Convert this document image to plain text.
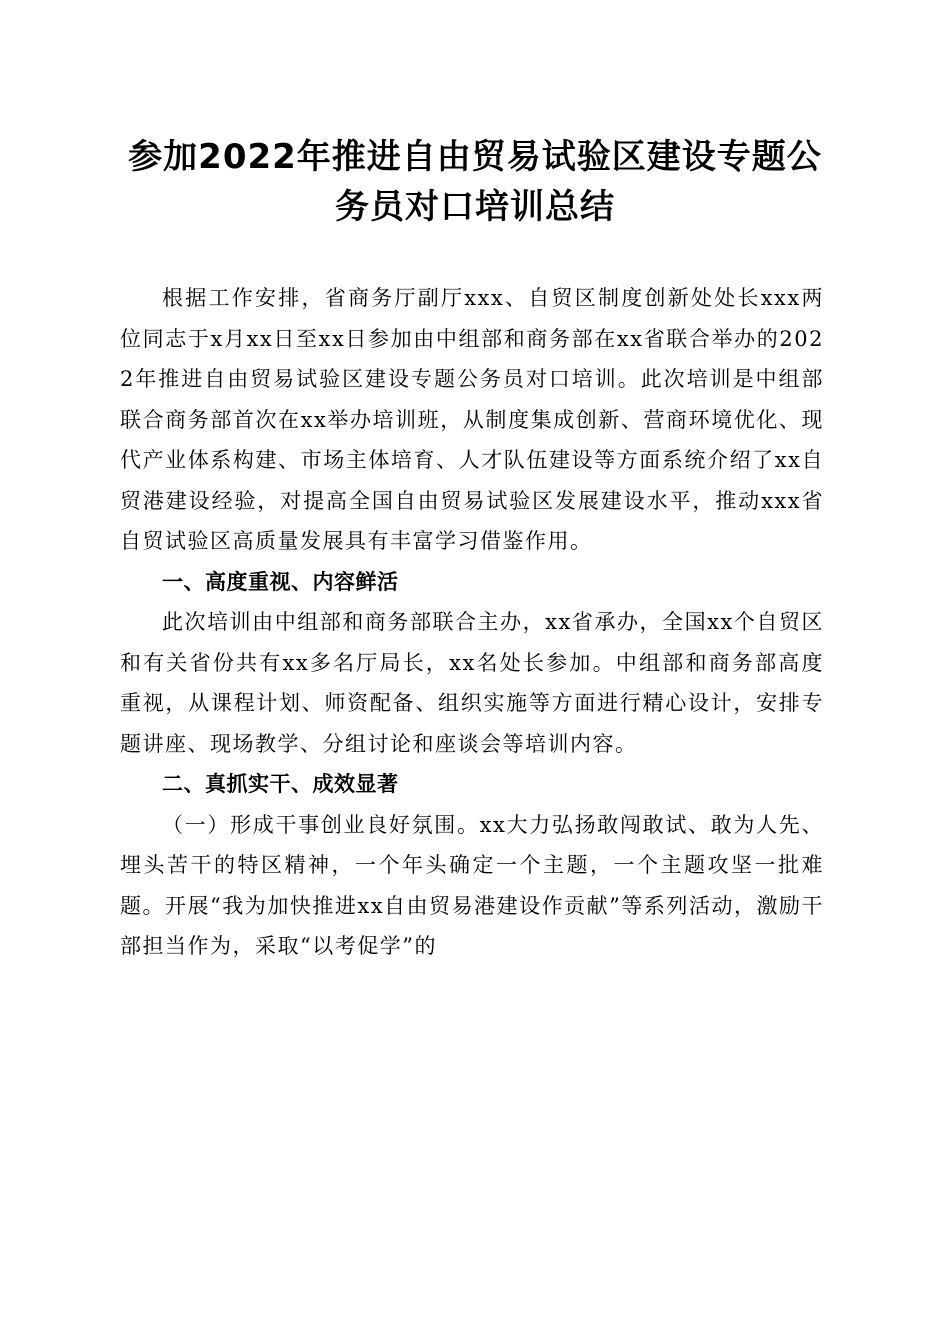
参加2022年推进自由贸易试验区建设专题公
务员对口培训总结

根据工作安排，省商务厅副厅xxx、自贸区制度创新处处长xxx两位同志于x月xx日至xx日参加由中组部和商务部在xx省联合举办的2022年推进自由贸易试验区建设专题公务员对口培训。此次培训是中组部联合商务部首次在xx举办培训班，从制度集成创新、营商环境优化、现代产业体系构建、市场主体培育、人才队伍建设等方面系统介绍了xx自贸港建设经验，对提高全国自由贸易试验区发展建设水平，推动xxx省自贸试验区高质量发展具有丰富学习借鉴作用。

一、高度重视、内容鲜活

此次培训由中组部和商务部联合主办，xx省承办，全国xx个自贸区和有关省份共有xx多名厅局长，xx名处长参加。中组部和商务部高度重视，从课程计划、师资配备、组织实施等方面进行精心设计，安排专题讲座、现场教学、分组讨论和座谈会等培训内容。

二、真抓实干、成效显著

（一）形成干事创业良好氛围。xx大力弘扬敢闯敢试、敢为人先、埋头苦干的特区精神，一个年头确定一个主题，一个主题攻坚一批难题。开展“我为加快推进xx自由贸易港建设作贡献”等系列活动，激励干部担当作为，采取“以考促学”的
